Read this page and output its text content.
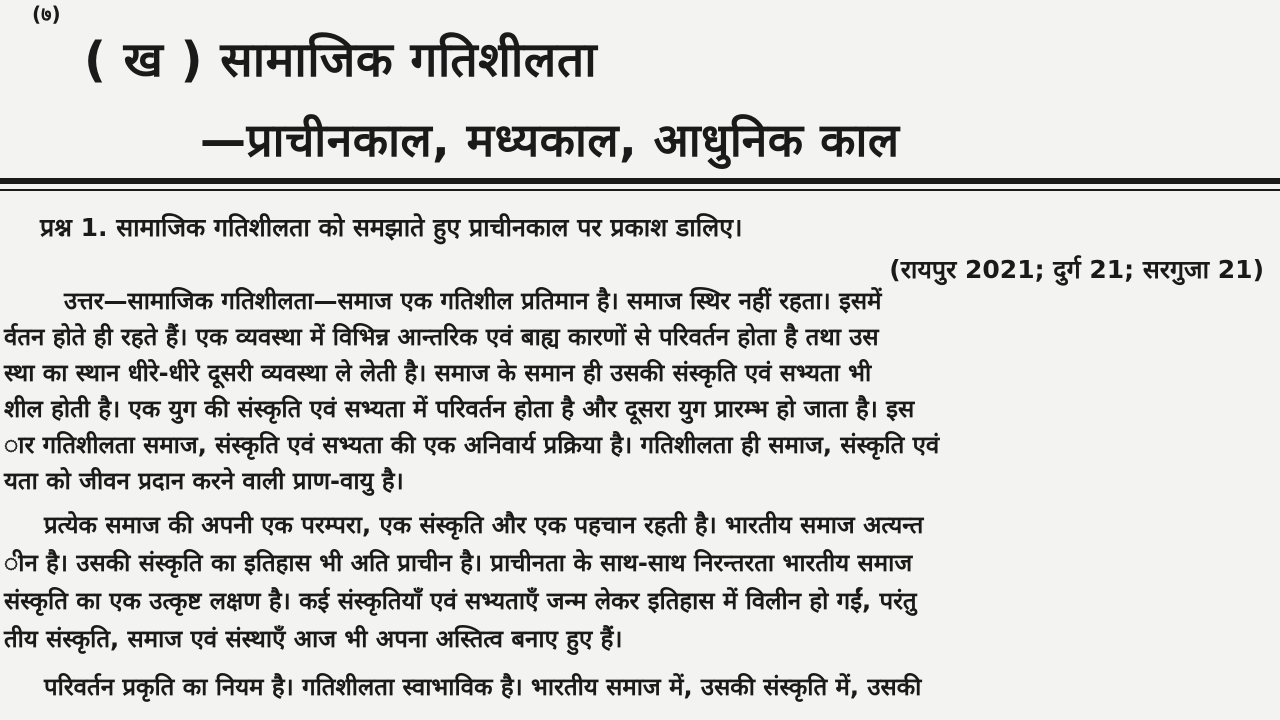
(७)
( ख ) सामाजिक गतिशीलता
—प्राचीनकाल, मध्यकाल, आधुनिक काल
प्रश्न 1. सामाजिक गतिशीलता को समझाते हुए प्राचीनकाल पर प्रकाश डालिए।
(रायपुर 2021; दुर्ग 21; सरगुजा 21)
उत्तर—सामाजिक गतिशीलता—समाज एक गतिशील प्रतिमान है। समाज स्थिर नहीं रहता। इसमें
र्वतन होते ही रहते हैं। एक व्यवस्था में विभिन्न आन्तरिक एवं बाह्य कारणों से परिवर्तन होता है तथा उस
स्था का स्थान धीरे-धीरे दूसरी व्यवस्था ले लेती है। समाज के समान ही उसकी संस्कृति एवं सभ्यता भी
शील होती है। एक युग की संस्कृति एवं सभ्यता में परिवर्तन होता है और दूसरा युग प्रारम्भ हो जाता है। इस
ार गतिशीलता समाज, संस्कृति एवं सभ्यता की एक अनिवार्य प्रक्रिया है। गतिशीलता ही समाज, संस्कृति एवं
यता को जीवन प्रदान करने वाली प्राण-वायु है।
प्रत्येक समाज की अपनी एक परम्परा, एक संस्कृति और एक पहचान रहती है। भारतीय समाज अत्यन्त
ीन है। उसकी संस्कृति का इतिहास भी अति प्राचीन है। प्राचीनता के साथ-साथ निरन्तरता भारतीय समाज
संस्कृति का एक उत्कृष्ट लक्षण है। कई संस्कृतियाँ एवं सभ्यताएँ जन्म लेकर इतिहास में विलीन हो गईं, परंतु
तीय संस्कृति, समाज एवं संस्थाएँ आज भी अपना अस्तित्व बनाए हुए हैं।
परिवर्तन प्रकृति का नियम है। गतिशीलता स्वाभाविक है। भारतीय समाज में, उसकी संस्कृति में, उसकी
